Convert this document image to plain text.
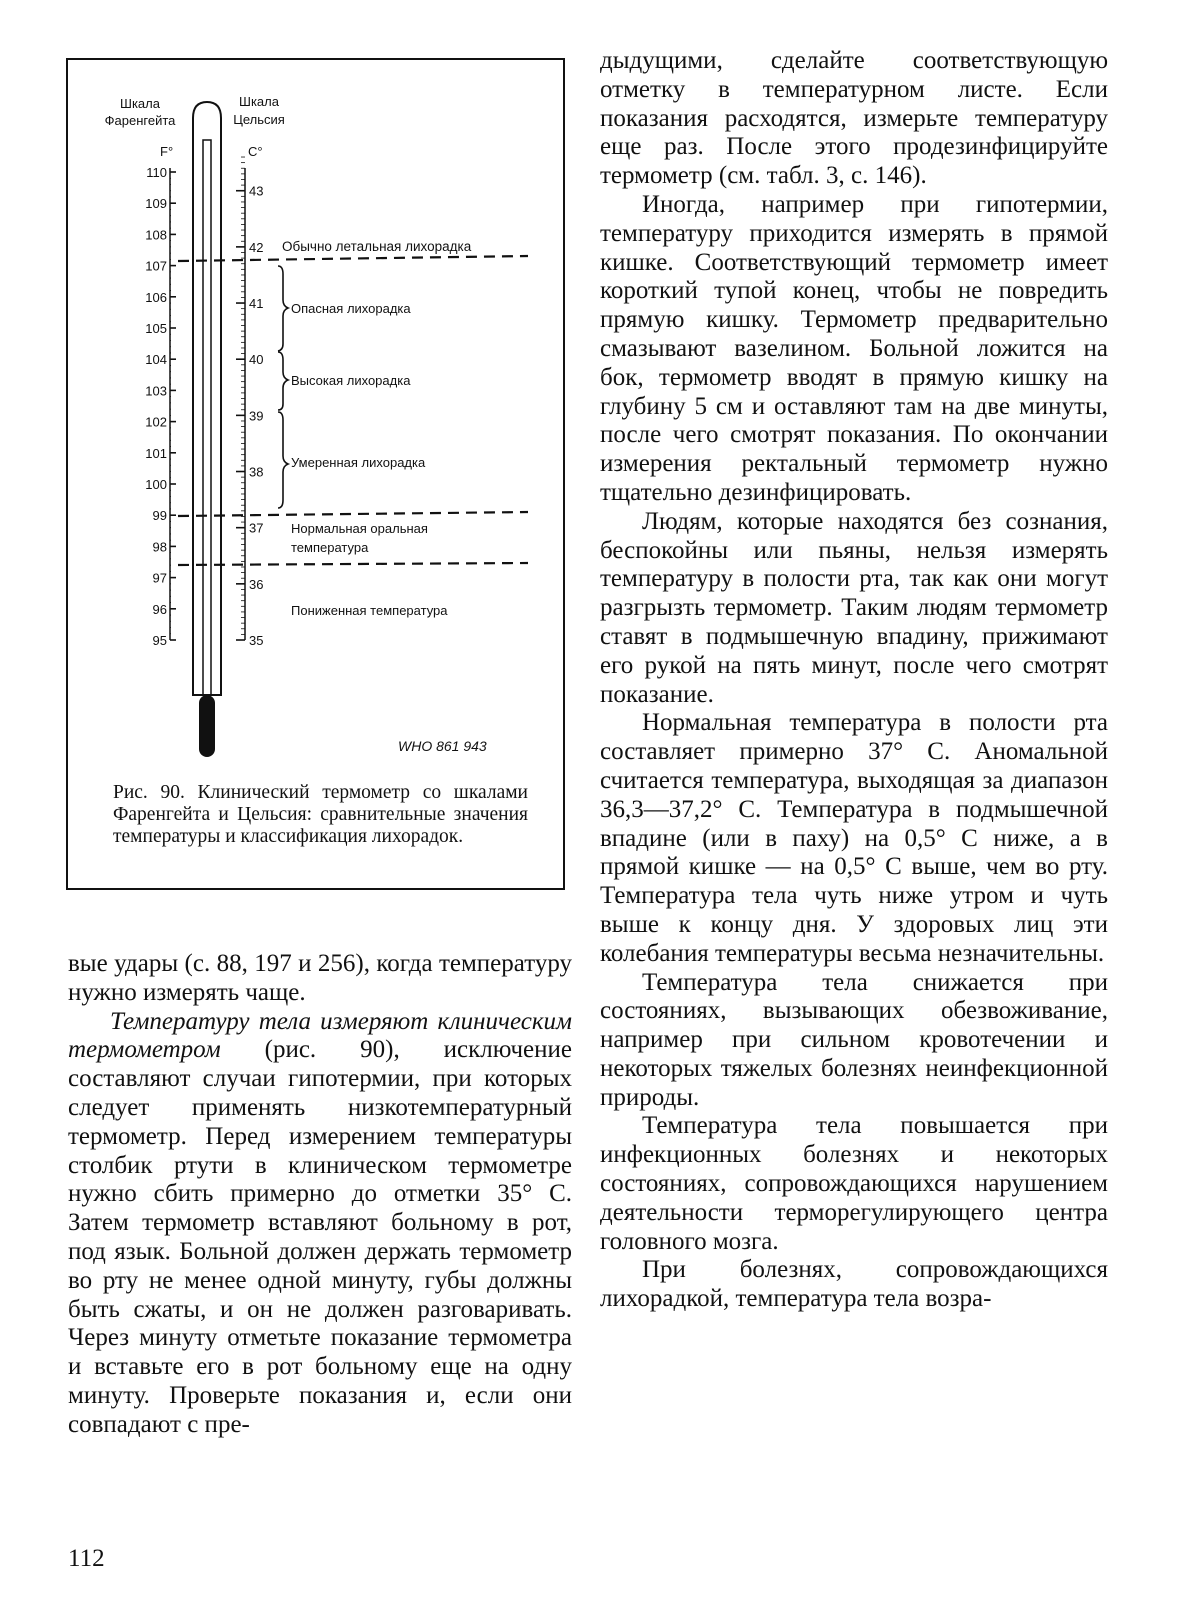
Шкала
Фаренгейта
Шкала
Цельсия
F°	C°
110
109
108
107
106
105
104
103
102
101
100
99
98
97
96
95
43
42
41
40
39
38
37
36
35
Обычно летальная лихорадка
Опасная лихорадка
Высокая лихорадка
Умеренная лихорадка
Нормальная оральная
температура
Пониженная температура
WHO 861 943
Рис. 90. Клинический термометр со шкалами Фаренгейта и Цельсия: сравнительные значения температуры и классификация лихорадок.

вые удары (с. 88, 197 и 256), когда температуру нужно измерять чаще.

Температуру тела измеряют клиническим термометром (рис. 90), исключение составляют случаи гипотермии, при которых следует применять низкотемпературный термометр. Перед измерением температуры столбик ртути в клиническом термометре нужно сбить примерно до отметки 35° С. Затем термометр вставляют больному в рот, под язык. Больной должен держать термометр во рту не менее одной минуту, губы должны быть сжаты, и он не должен разговаривать. Через минуту отметьте показание термометра и вставьте его в рот больному еще на одну минуту. Проверьте показания и, если они совпадают с пре-

дыдущими, сделайте соответствующую отметку в температурном листе. Если показания расходятся, измерьте температуру еще раз. После этого продезинфицируйте термометр (см. табл. 3, с. 146).

Иногда, например при гипотермии, температуру приходится измерять в прямой кишке. Соответствующий термометр имеет короткий тупой конец, чтобы не повредить прямую кишку. Термометр предварительно смазывают вазелином. Больной ложится на бок, термометр вводят в прямую кишку на глубину 5 см и оставляют там на две минуты, после чего смотрят показания. По окончании измерения ректальный термометр нужно тщательно дезинфицировать.

Людям, которые находятся без сознания, беспокойны или пьяны, нельзя измерять температуру в полости рта, так как они могут разгрызть термометр. Таким людям термометр ставят в подмышечную впадину, прижимают его рукой на пять минут, после чего смотрят показание.

Нормальная температура в полости рта составляет примерно 37° С. Аномальной считается температура, выходящая за диапазон 36,3—37,2° С. Температура в подмышечной впадине (или в паху) на 0,5° С ниже, а в прямой кишке — на 0,5° С выше, чем во рту. Температура тела чуть ниже утром и чуть выше к концу дня. У здоровых лиц эти колебания температуры весьма незначительны.

Температура тела снижается при состояниях, вызывающих обезвоживание, например при сильном кровотечении и некоторых тяжелых болезнях неинфекционной природы.

Температура тела повышается при инфекционных болезнях и некоторых состояниях, сопровождающихся нарушением деятельности терморегулирующего центра головного мозга.

При болезнях, сопровождающихся лихорадкой, температура тела возра-

112
